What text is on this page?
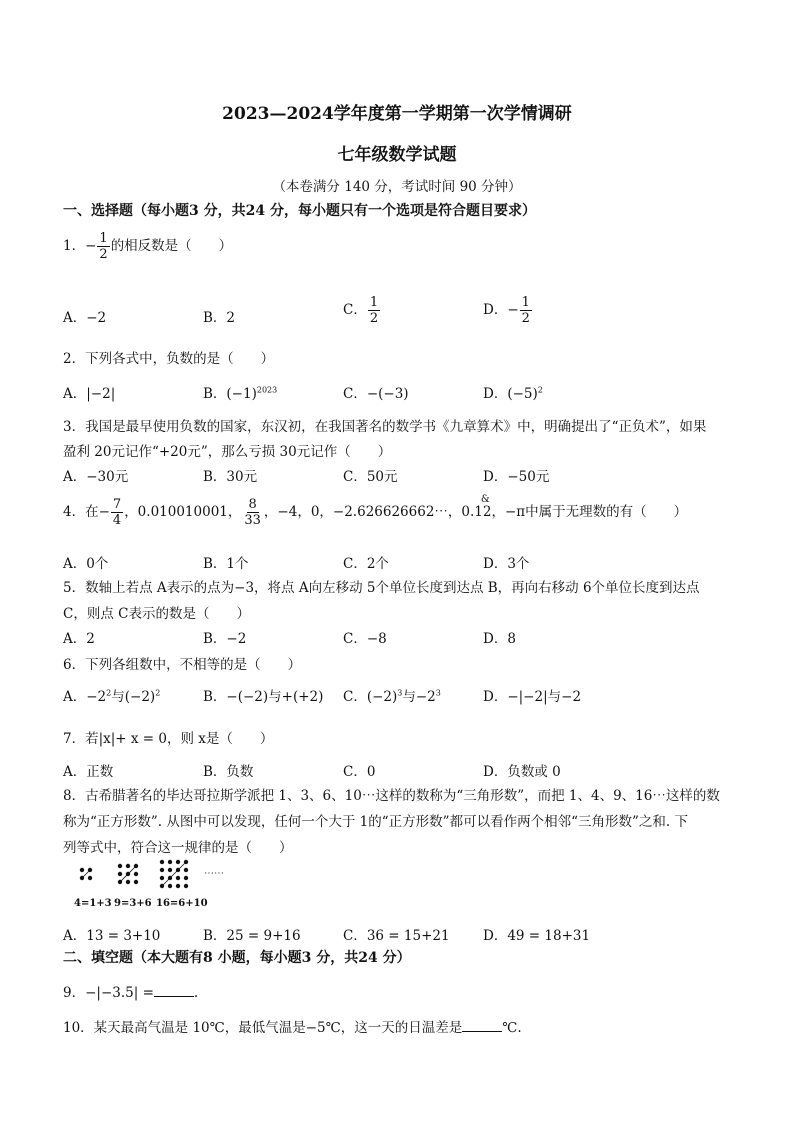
2023—2024学年度第一学期第一次学情调研
七年级数学试题
（本卷满分 140 分，考试时间 90 分钟）
一、选择题（每小题3 分，共24 分，每小题只有一个选项是符合题目要求）
1．− $\frac{1}{2}$ 的相反数是（　　）
A．−2	B．2	C． $\frac{1}{2}$	D．− $\frac{1}{2}$
2．下列各式中，负数的是（　　）
A．|−2|	B．$(-1)^{2023}$	C．−(−3)	D．$(-5)^2$
3．我国是最早使用负数的国家，东汉初，在我国著名的数学书《九章算术》中，明确提出了“正负术”，如果
盈利 20元记作“+20元”，那么亏损 30元记作（　　）
A．−30元	B．30元	C．50元	D．−50元
4．在− $\frac{7}{4}$ ，0.010010001， $\frac{8}{33}$ ，−4，0，−2.626626662⋯，0.1
&
2，−π中属于无理数的有（　　）
A．0个	B．1个	C．2个	D．3个
5．数轴上若点 A表示的点为−3，将点 A向左移动 5个单位长度到达点 B，再向右移动 6个单位长度到达点
C，则点 C表示的数是（　　）
A．2	B．−2	C．−8	D．8
6．下列各组数中，不相等的是（　　）
A．$-2^2$与$(-2)^2$	B．−(−2)与+(+2) C．$(-2)^3$与$-2^3$	D．−|−2|与−2
7．若|x|+ x = 0，则 x是（　　）
A．正数	B．负数	C．0	D．负数或 0
8．古希腊著名的毕达哥拉斯学派把 1、3、6、10⋯这样的数称为“三角形数”，而把 1、4、9、16⋯这样的数
称为“正方形数”. 从图中可以发现，任何一个大于 1的“正方形数”都可以看作两个相邻“三角形数”之和. 下
列等式中，符合这一规律的是（　　）
⋯⋯
4=1+3 9=3+6 16=6+10
A．13 = 3+10	B．25 = 9+16	C．36 = 15+21 D．49 = 18+31
二、填空题（本大题有8 小题，每小题3 分，共24 分）
9．−|−3.5| =	.
10．某天最高气温是 10℃，最低气温是−5℃，这一天的日温差是	℃.
